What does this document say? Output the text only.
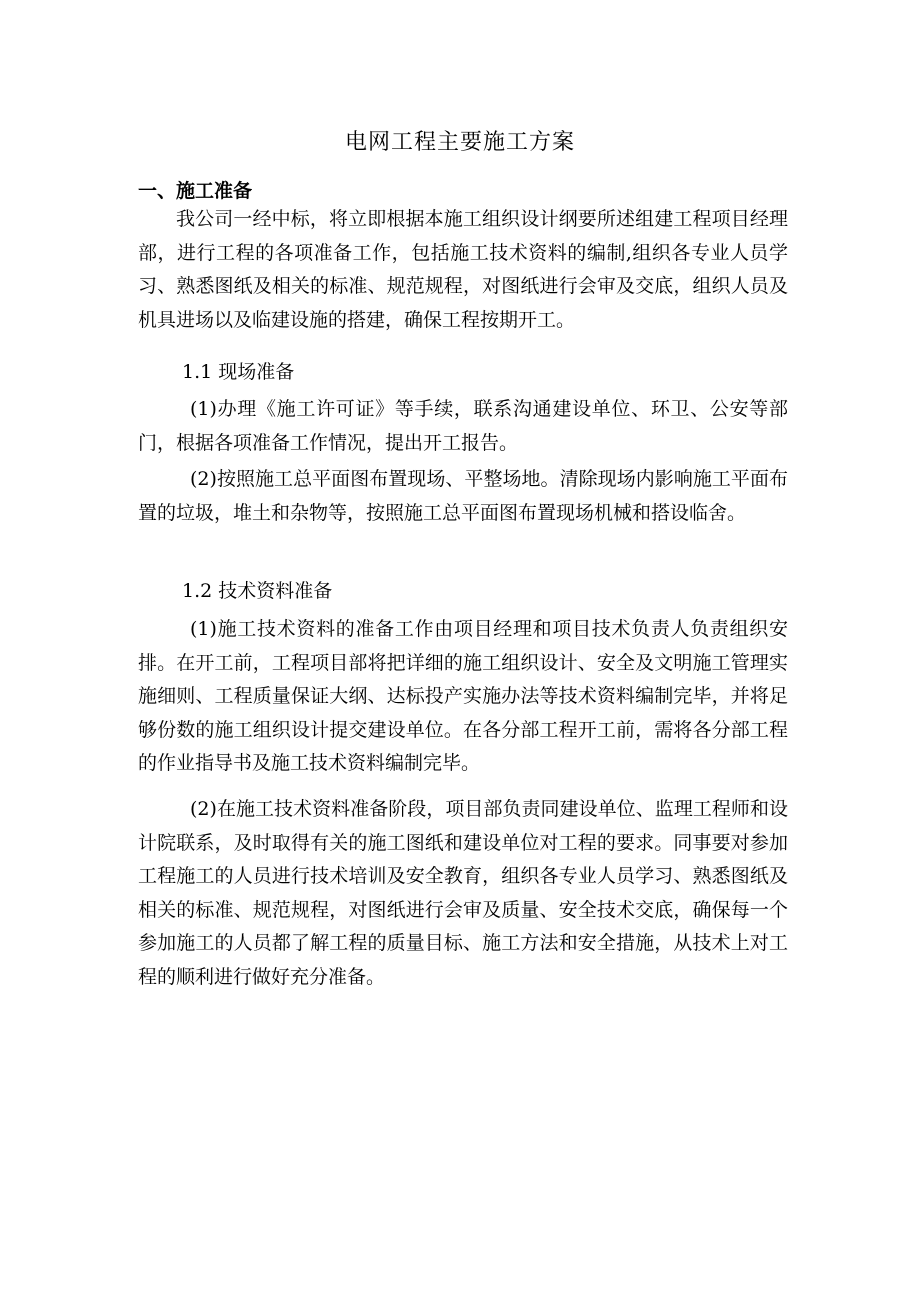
电网工程主要施工方案
一、施工准备

我公司一经中标，将立即根据本施工组织设计纲要所述组建工程项目经理部，进行工程的各项准备工作，包括施工技术资料的编制,组织各专业人员学习、熟悉图纸及相关的标准、规范规程，对图纸进行会审及交底，组织人员及机具进场以及临建设施的搭建，确保工程按期开工。

1.1 现场准备

(1)办理《施工许可证》等手续，联系沟通建设单位、环卫、公安等部门，根据各项准备工作情况，提出开工报告。

(2)按照施工总平面图布置现场、平整场地。清除现场内影响施工平面布置的垃圾，堆土和杂物等，按照施工总平面图布置现场机械和搭设临舍。

1.2 技术资料准备

(1)施工技术资料的准备工作由项目经理和项目技术负责人负责组织安排。在开工前，工程项目部将把详细的施工组织设计、安全及文明施工管理实施细则、工程质量保证大纲、达标投产实施办法等技术资料编制完毕，并将足够份数的施工组织设计提交建设单位。在各分部工程开工前，需将各分部工程的作业指导书及施工技术资料编制完毕。

(2)在施工技术资料准备阶段，项目部负责同建设单位、监理工程师和设计院联系，及时取得有关的施工图纸和建设单位对工程的要求。同事要对参加工程施工的人员进行技术培训及安全教育，组织各专业人员学习、熟悉图纸及相关的标准、规范规程，对图纸进行会审及质量、安全技术交底，确保每一个参加施工的人员都了解工程的质量目标、施工方法和安全措施，从技术上对工程的顺利进行做好充分准备。
